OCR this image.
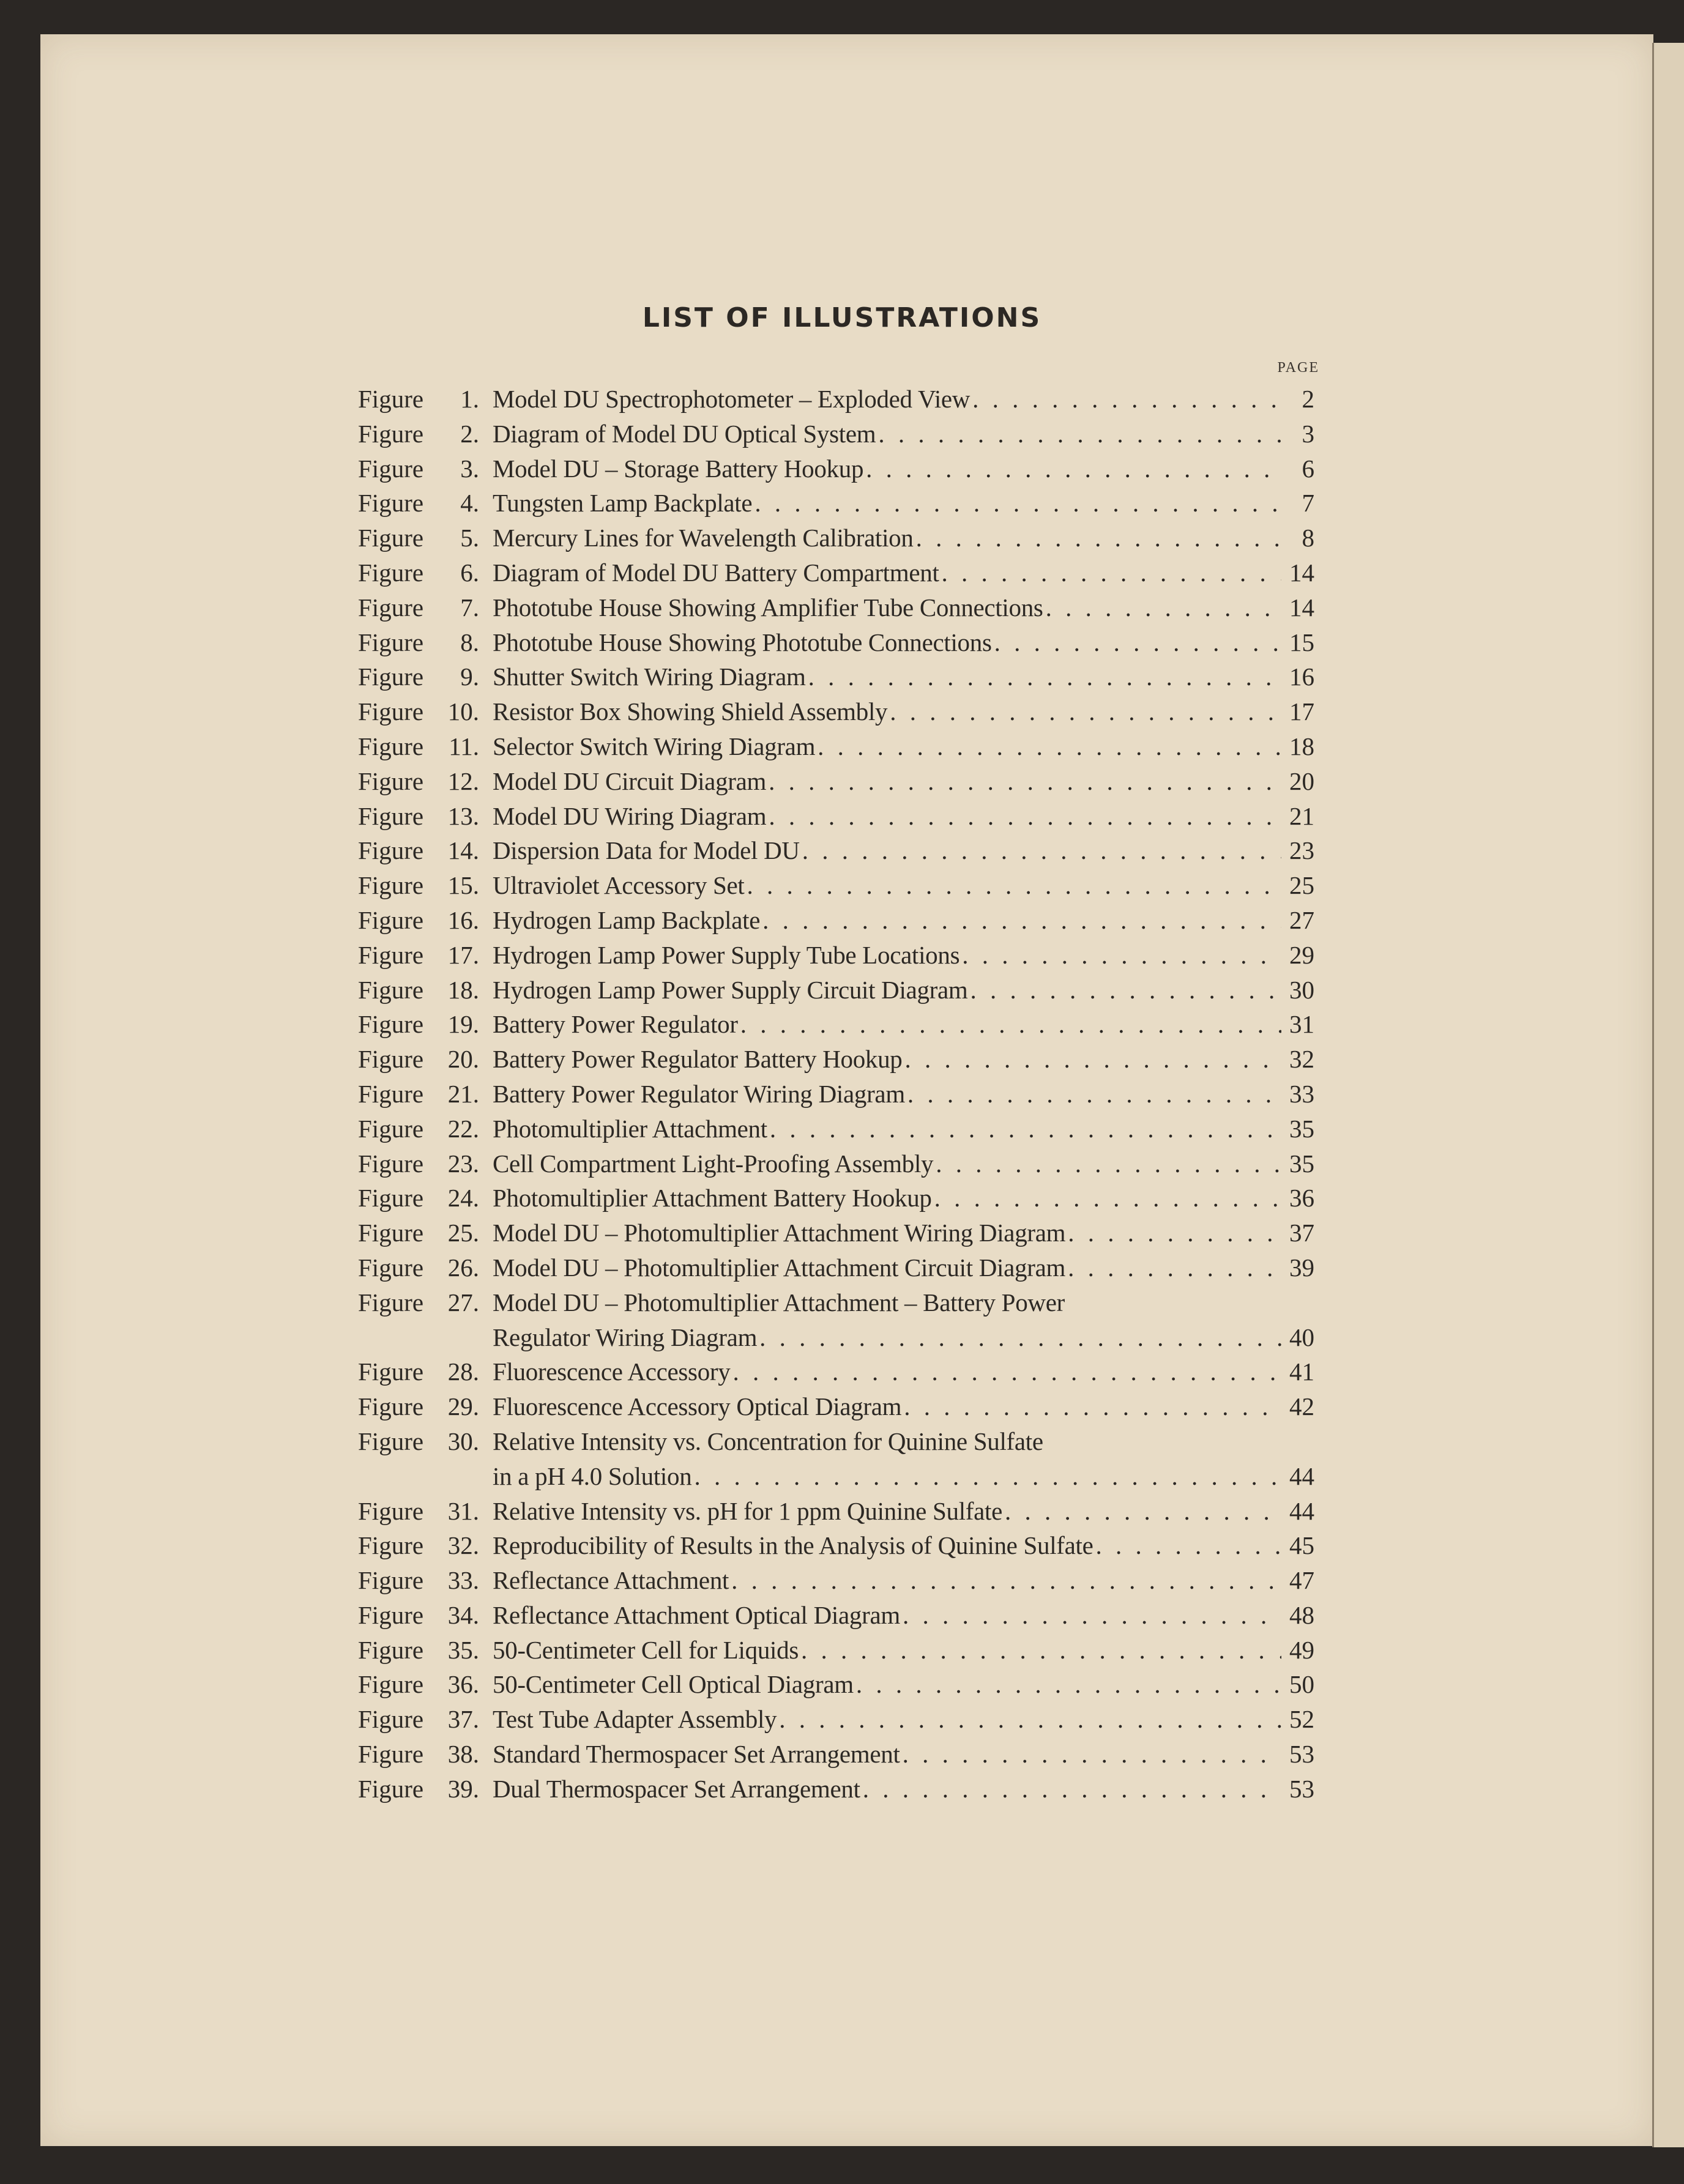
LIST OF ILLUSTRATIONS
PAGE
Figure	1. Model DU Spectrophotometer – Exploded View . . .	2
Figure	2. Diagram of Model DU Optical System . . .	3
Figure	3. Model DU – Storage Battery Hookup . . .	6
Figure	4. Tungsten Lamp Backplate . . .	7
Figure	5. Mercury Lines for Wavelength Calibration . . .	8
Figure	6. Diagram of Model DU Battery Compartment . . .	14
Figure	7. Phototube House Showing Amplifier Tube Connections . . .	14
Figure	8. Phototube House Showing Phototube Connections . . .	15
Figure	9. Shutter Switch Wiring Diagram . . .	16
Figure 10. Resistor Box Showing Shield Assembly . . .	17
Figure	11. Selector Switch Wiring Diagram . . .	18
Figure 12. Model DU Circuit Diagram . . .	20
Figure 13. Model DU Wiring Diagram . . .	21
Figure 14. Dispersion Data for Model DU . . .	23
Figure 15. Ultraviolet Accessory Set . . .	25
Figure 16. Hydrogen Lamp Backplate . . .	27
Figure 17. Hydrogen Lamp Power Supply Tube Locations . . .	29
Figure 18. Hydrogen Lamp Power Supply Circuit Diagram . . .	30
Figure 19. Battery Power Regulator . . .	31
Figure 20. Battery Power Regulator Battery Hookup . . .	32
Figure 21. Battery Power Regulator Wiring Diagram . . .	33
Figure 22. Photomultiplier Attachment . . .	35
Figure 23. Cell Compartment Light-Proofing Assembly . . .	35
Figure 24. Photomultiplier Attachment Battery Hookup . . .	36
Figure 25. Model DU – Photomultiplier Attachment Wiring Diagram . . .	37
Figure 26. Model DU – Photomultiplier Attachment Circuit Diagram . . .	39
Figure 27. Model DU – Photomultiplier Attachment – Battery Power
Regulator Wiring Diagram . . .	40
Figure 28. Fluorescence Accessory . . .	41
Figure 29. Fluorescence Accessory Optical Diagram . . .	42
Figure 30. Relative Intensity vs. Concentration for Quinine Sulfate
in a pH 4.0 Solution . . .	44
Figure 31. Relative Intensity vs. pH for 1 ppm Quinine Sulfate . . .	44
Figure 32. Reproducibility of Results in the Analysis of Quinine Sulfate . . .	45
Figure 33. Reflectance Attachment . . .	47
Figure 34. Reflectance Attachment Optical Diagram . . .	48
Figure 35. 50-Centimeter Cell for Liquids . . .	49
Figure 36. 50-Centimeter Cell Optical Diagram . . .	50
Figure 37. Test Tube Adapter Assembly . . .	52
Figure 38. Standard Thermospacer Set Arrangement . . .	53
Figure 39. Dual Thermospacer Set Arrangement . . .	53
